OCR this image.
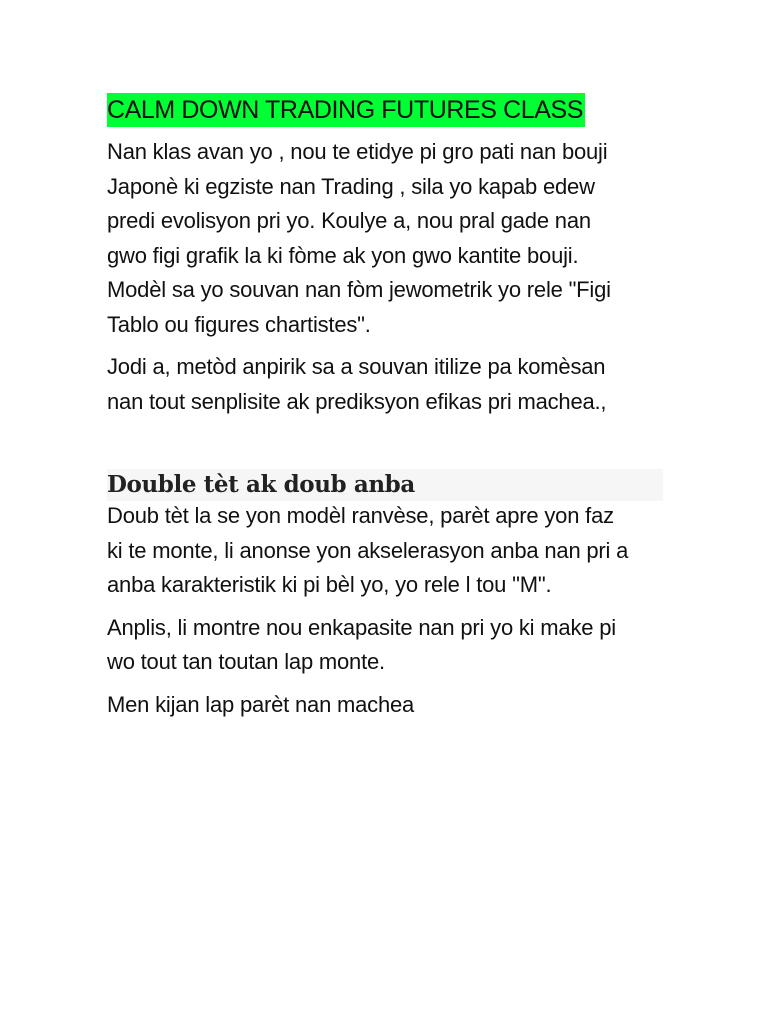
CALM DOWN TRADING FUTURES CLASS

Nan klas avan yo , nou te etidye pi gro pati nan bouji
Japonè ki egziste nan Trading , sila yo kapab edew
predi evolisyon pri yo. Koulye a, nou pral gade nan
gwo figi grafik la ki fòme ak yon gwo kantite bouji.
Modèl sa yo souvan nan fòm jewometrik yo rele "Figi
Tablo ou figures chartistes".

Jodi a, metòd anpirik sa a souvan itilize pa komèsan
nan tout senplisite ak prediksyon efikas pri machea.,

Double tèt ak doub anba

Doub tèt la se yon modèl ranvèse, parèt apre yon faz
ki te monte, li anonse yon akselerasyon anba nan pri a
anba karakteristik ki pi bèl yo, yo rele l tou "M".

Anplis, li montre nou enkapasite nan pri yo ki make pi
wo tout tan toutan lap monte.

Men kijan lap parèt nan machea
